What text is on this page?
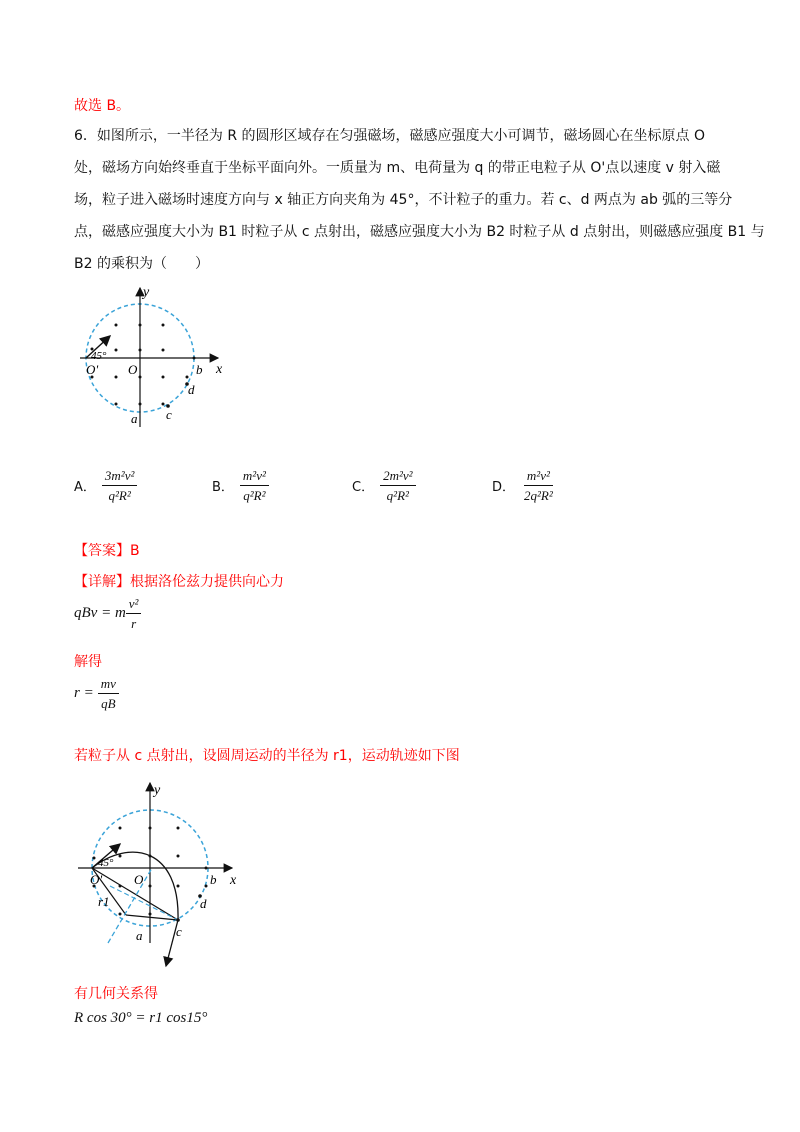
故选 B。
6．如图所示，一半径为 R 的圆形区域存在匀强磁场，磁感应强度大小可调节，磁场圆心在坐标原点 O
处，磁场方向始终垂直于坐标平面向外。一质量为 m、电荷量为 q 的带正电粒子从 O'点以速度 v 射入磁
场，粒子进入磁场时速度方向与 x 轴正方向夹角为 45°，不计粒子的重力。若 c、d 两点为 ab 弧的三等分
点，磁感应强度大小为 B1 时粒子从 c 点射出，磁感应强度大小为 B2 时粒子从 d 点射出，则磁感应强度 B1 与
B2 的乘积为（　　）
y
x
O
O'
45°
b
d
c
a
A． $\frac{\text{3m²v²}}{\text{q²R²}}$	B． $\frac{\text{m²v²}}{\text{q²R²}}$	C． $\frac{\text{2m²v²}}{\text{q²R²}}$	D． $\frac{\text{m²v²}}{\text{2q²R²}}$
【答案】B
【详解】根据洛伦兹力提供向心力
qBv = m $\frac{\text{v²}}{r}$
解得
$r = \frac{mv}{qB}$
若粒子从 c 点射出，设圆周运动的半径为 r1，运动轨迹如下图
y
x
O
O'
45°
b
d
c
a
r1
有几何关系得
R cos 30° = r1 cos15°
